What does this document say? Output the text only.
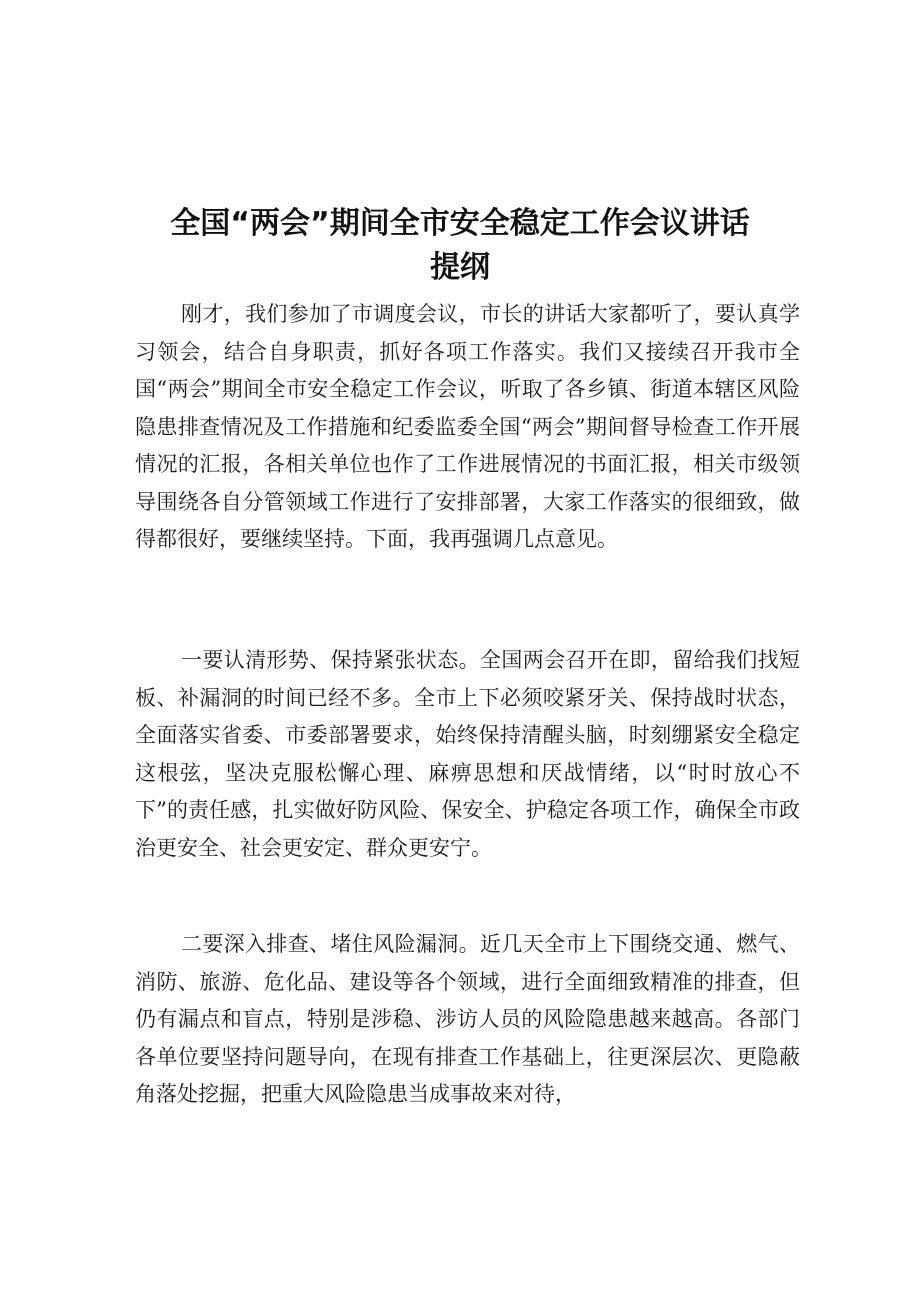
全国“两会”期间全市安全稳定工作会议讲话
提纲

刚才，我们参加了市调度会议，市长的讲话大家都听了，要认真学习领会，结合自身职责，抓好各项工作落实。我们又接续召开我市全国“两会”期间全市安全稳定工作会议，听取了各乡镇、街道本辖区风险隐患排查情况及工作措施和纪委监委全国“两会”期间督导检查工作开展情况的汇报，各相关单位也作了工作进展情况的书面汇报，相关市级领导围绕各自分管领域工作进行了安排部署，大家工作落实的很细致，做得都很好，要继续坚持。下面，我再强调几点意见。

一要认清形势、保持紧张状态。全国两会召开在即，留给我们找短板、补漏洞的时间已经不多。全市上下必须咬紧牙关、保持战时状态，全面落实省委、市委部署要求，始终保持清醒头脑，时刻绷紧安全稳定这根弦，坚决克服松懈心理、麻痹思想和厌战情绪，以“时时放心不下”的责任感，扎实做好防风险、保安全、护稳定各项工作，确保全市政治更安全、社会更安定、群众更安宁。

二要深入排查、堵住风险漏洞。近几天全市上下围绕交通、燃气、消防、旅游、危化品、建设等各个领域，进行全面细致精准的排查，但仍有漏点和盲点，特别是涉稳、涉访人员的风险隐患越来越高。各部门各单位要坚持问题导向，在现有排查工作基础上，往更深层次、更隐蔽角落处挖掘，把重大风险隐患当成事故来对待，
